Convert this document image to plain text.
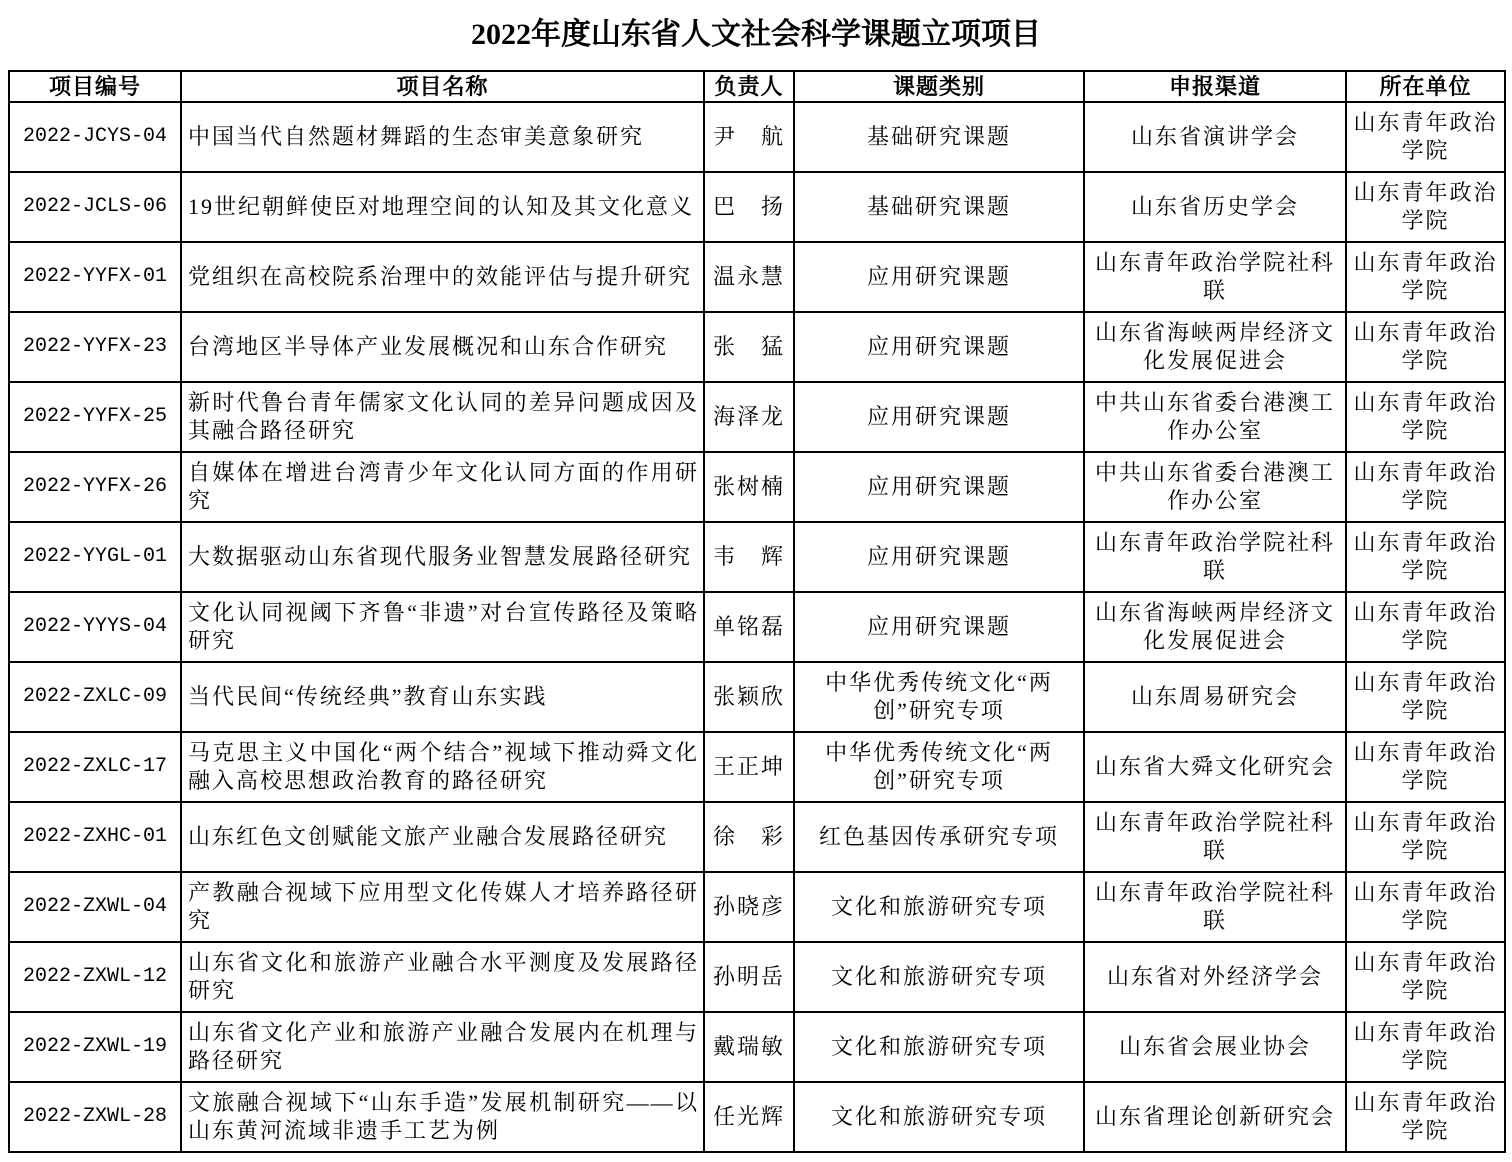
2022年度山东省人文社会科学课题立项项目
项目编号	项目名称	负责人	课题类别	申报渠道	所在单位
2022-JCYS-04	中国当代自然题材舞蹈的生态审美意象研究	尹　航	基础研究课题	山东省演讲学会	山东青年政治学院
2022-JCLS-06	19世纪朝鲜使臣对地理空间的认知及其文化意义	巴　扬	基础研究课题	山东省历史学会	山东青年政治学院
2022-YYFX-01	党组织在高校院系治理中的效能评估与提升研究	温永慧	应用研究课题	山东青年政治学院社科联	山东青年政治学院
2022-YYFX-23	台湾地区半导体产业发展概况和山东合作研究	张　猛	应用研究课题	山东省海峡两岸经济文化发展促进会	山东青年政治学院
2022-YYFX-25	新时代鲁台青年儒家文化认同的差异问题成因及其融合路径研究	海泽龙	应用研究课题	中共山东省委台港澳工作办公室	山东青年政治学院
2022-YYFX-26	自媒体在增进台湾青少年文化认同方面的作用研究	张树楠	应用研究课题	中共山东省委台港澳工作办公室	山东青年政治学院
2022-YYGL-01	大数据驱动山东省现代服务业智慧发展路径研究	韦　辉	应用研究课题	山东青年政治学院社科联	山东青年政治学院
2022-YYYS-04	文化认同视阈下齐鲁“非遗”对台宣传路径及策略研究	单铭磊	应用研究课题	山东省海峡两岸经济文化发展促进会	山东青年政治学院
2022-ZXLC-09	当代民间“传统经典”教育山东实践	张颖欣	中华优秀传统文化“两创”研究专项	山东周易研究会	山东青年政治学院
2022-ZXLC-17	马克思主义中国化“两个结合”视域下推动舜文化融入高校思想政治教育的路径研究	王正坤	中华优秀传统文化“两创”研究专项	山东省大舜文化研究会	山东青年政治学院
2022-ZXHC-01	山东红色文创赋能文旅产业融合发展路径研究	徐　彩	红色基因传承研究专项	山东青年政治学院社科联	山东青年政治学院
2022-ZXWL-04	产教融合视域下应用型文化传媒人才培养路径研究	孙晓彦	文化和旅游研究专项	山东青年政治学院社科联	山东青年政治学院
2022-ZXWL-12	山东省文化和旅游产业融合水平测度及发展路径研究	孙明岳	文化和旅游研究专项	山东省对外经济学会	山东青年政治学院
2022-ZXWL-19	山东省文化产业和旅游产业融合发展内在机理与路径研究	戴瑞敏	文化和旅游研究专项	山东省会展业协会	山东青年政治学院
2022-ZXWL-28	文旅融合视域下“山东手造”发展机制研究——以山东黄河流域非遗手工艺为例	任光辉	文化和旅游研究专项	山东省理论创新研究会	山东青年政治学院
